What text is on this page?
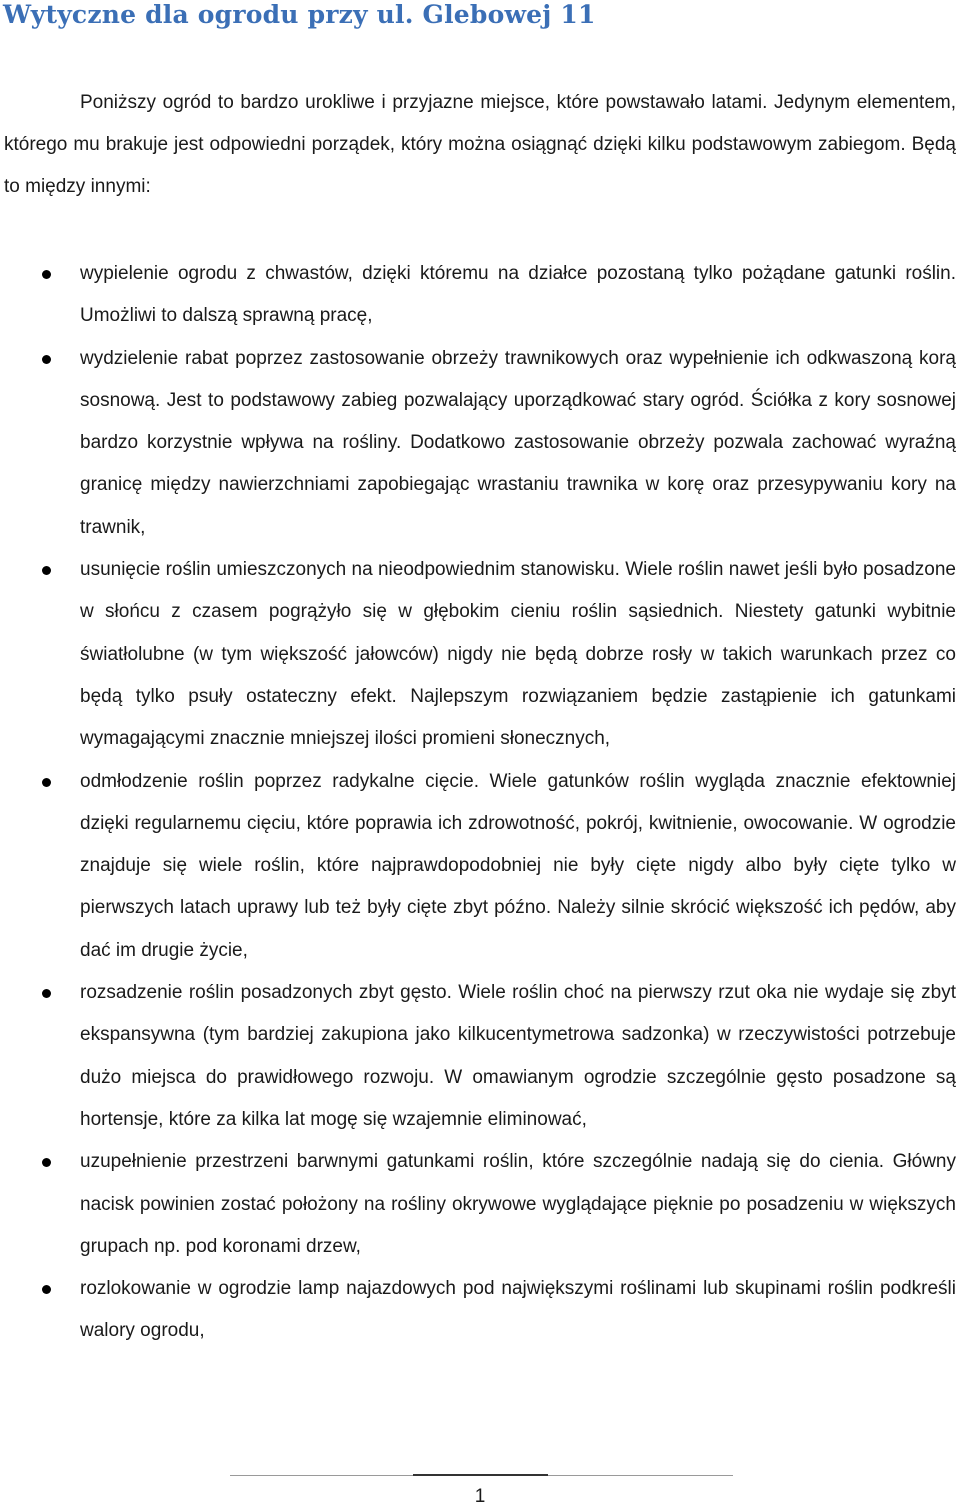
Wytyczne dla ogrodu przy ul. Glebowej 11

Poniższy ogród to bardzo urokliwe i przyjazne miejsce, które powstawało latami. Jedynym elementem, którego mu brakuje jest odpowiedni porządek, który można osiągnąć dzięki kilku podstawowym zabiegom. Będą to między innymi:

wypielenie ogrodu z chwastów, dzięki któremu na działce pozostaną tylko pożądane gatunki roślin. Umożliwi to dalszą sprawną pracę,
wydzielenie rabat poprzez zastosowanie obrzeży trawnikowych oraz wypełnienie ich odkwaszoną korą sosnową. Jest to podstawowy zabieg pozwalający uporządkować stary ogród. Ściółka z kory sosnowej bardzo korzystnie wpływa na rośliny. Dodatkowo zastosowanie obrzeży pozwala zachować wyraźną granicę między nawierzchniami zapobiegając wrastaniu trawnika w korę oraz przesypywaniu kory na trawnik,
usunięcie roślin umieszczonych na nieodpowiednim stanowisku. Wiele roślin nawet jeśli było posadzone w słońcu z czasem pogrążyło się w głębokim cieniu roślin sąsiednich. Niestety gatunki wybitnie światłolubne (w tym większość jałowców) nigdy nie będą dobrze rosły w takich warunkach przez co będą tylko psuły ostateczny efekt. Najlepszym rozwiązaniem będzie zastąpienie ich gatunkami wymagającymi znacznie mniejszej ilości promieni słonecznych,
odmłodzenie roślin poprzez radykalne cięcie. Wiele gatunków roślin wygląda znacznie efektowniej dzięki regularnemu cięciu, które poprawia ich zdrowotność, pokrój, kwitnienie, owocowanie. W ogrodzie znajduje się wiele roślin, które najprawdopodobniej nie były cięte nigdy albo były cięte tylko w pierwszych latach uprawy lub też były cięte zbyt późno. Należy silnie skrócić większość ich pędów, aby dać im drugie życie,
rozsadzenie roślin posadzonych zbyt gęsto. Wiele roślin choć na pierwszy rzut oka nie wydaje się zbyt ekspansywna (tym bardziej zakupiona jako kilkucentymetrowa sadzonka) w rzeczywistości potrzebuje dużo miejsca do prawidłowego rozwoju. W omawianym ogrodzie szczególnie gęsto posadzone są hortensje, które za kilka lat mogę się wzajemnie eliminować,
uzupełnienie przestrzeni barwnymi gatunkami roślin, które szczególnie nadają się do cienia. Główny nacisk powinien zostać położony na rośliny okrywowe wyglądające pięknie po posadzeniu w większych grupach np. pod koronami drzew,
rozlokowanie w ogrodzie lamp najazdowych pod największymi roślinami lub skupinami roślin podkreśli walory ogrodu,
1
